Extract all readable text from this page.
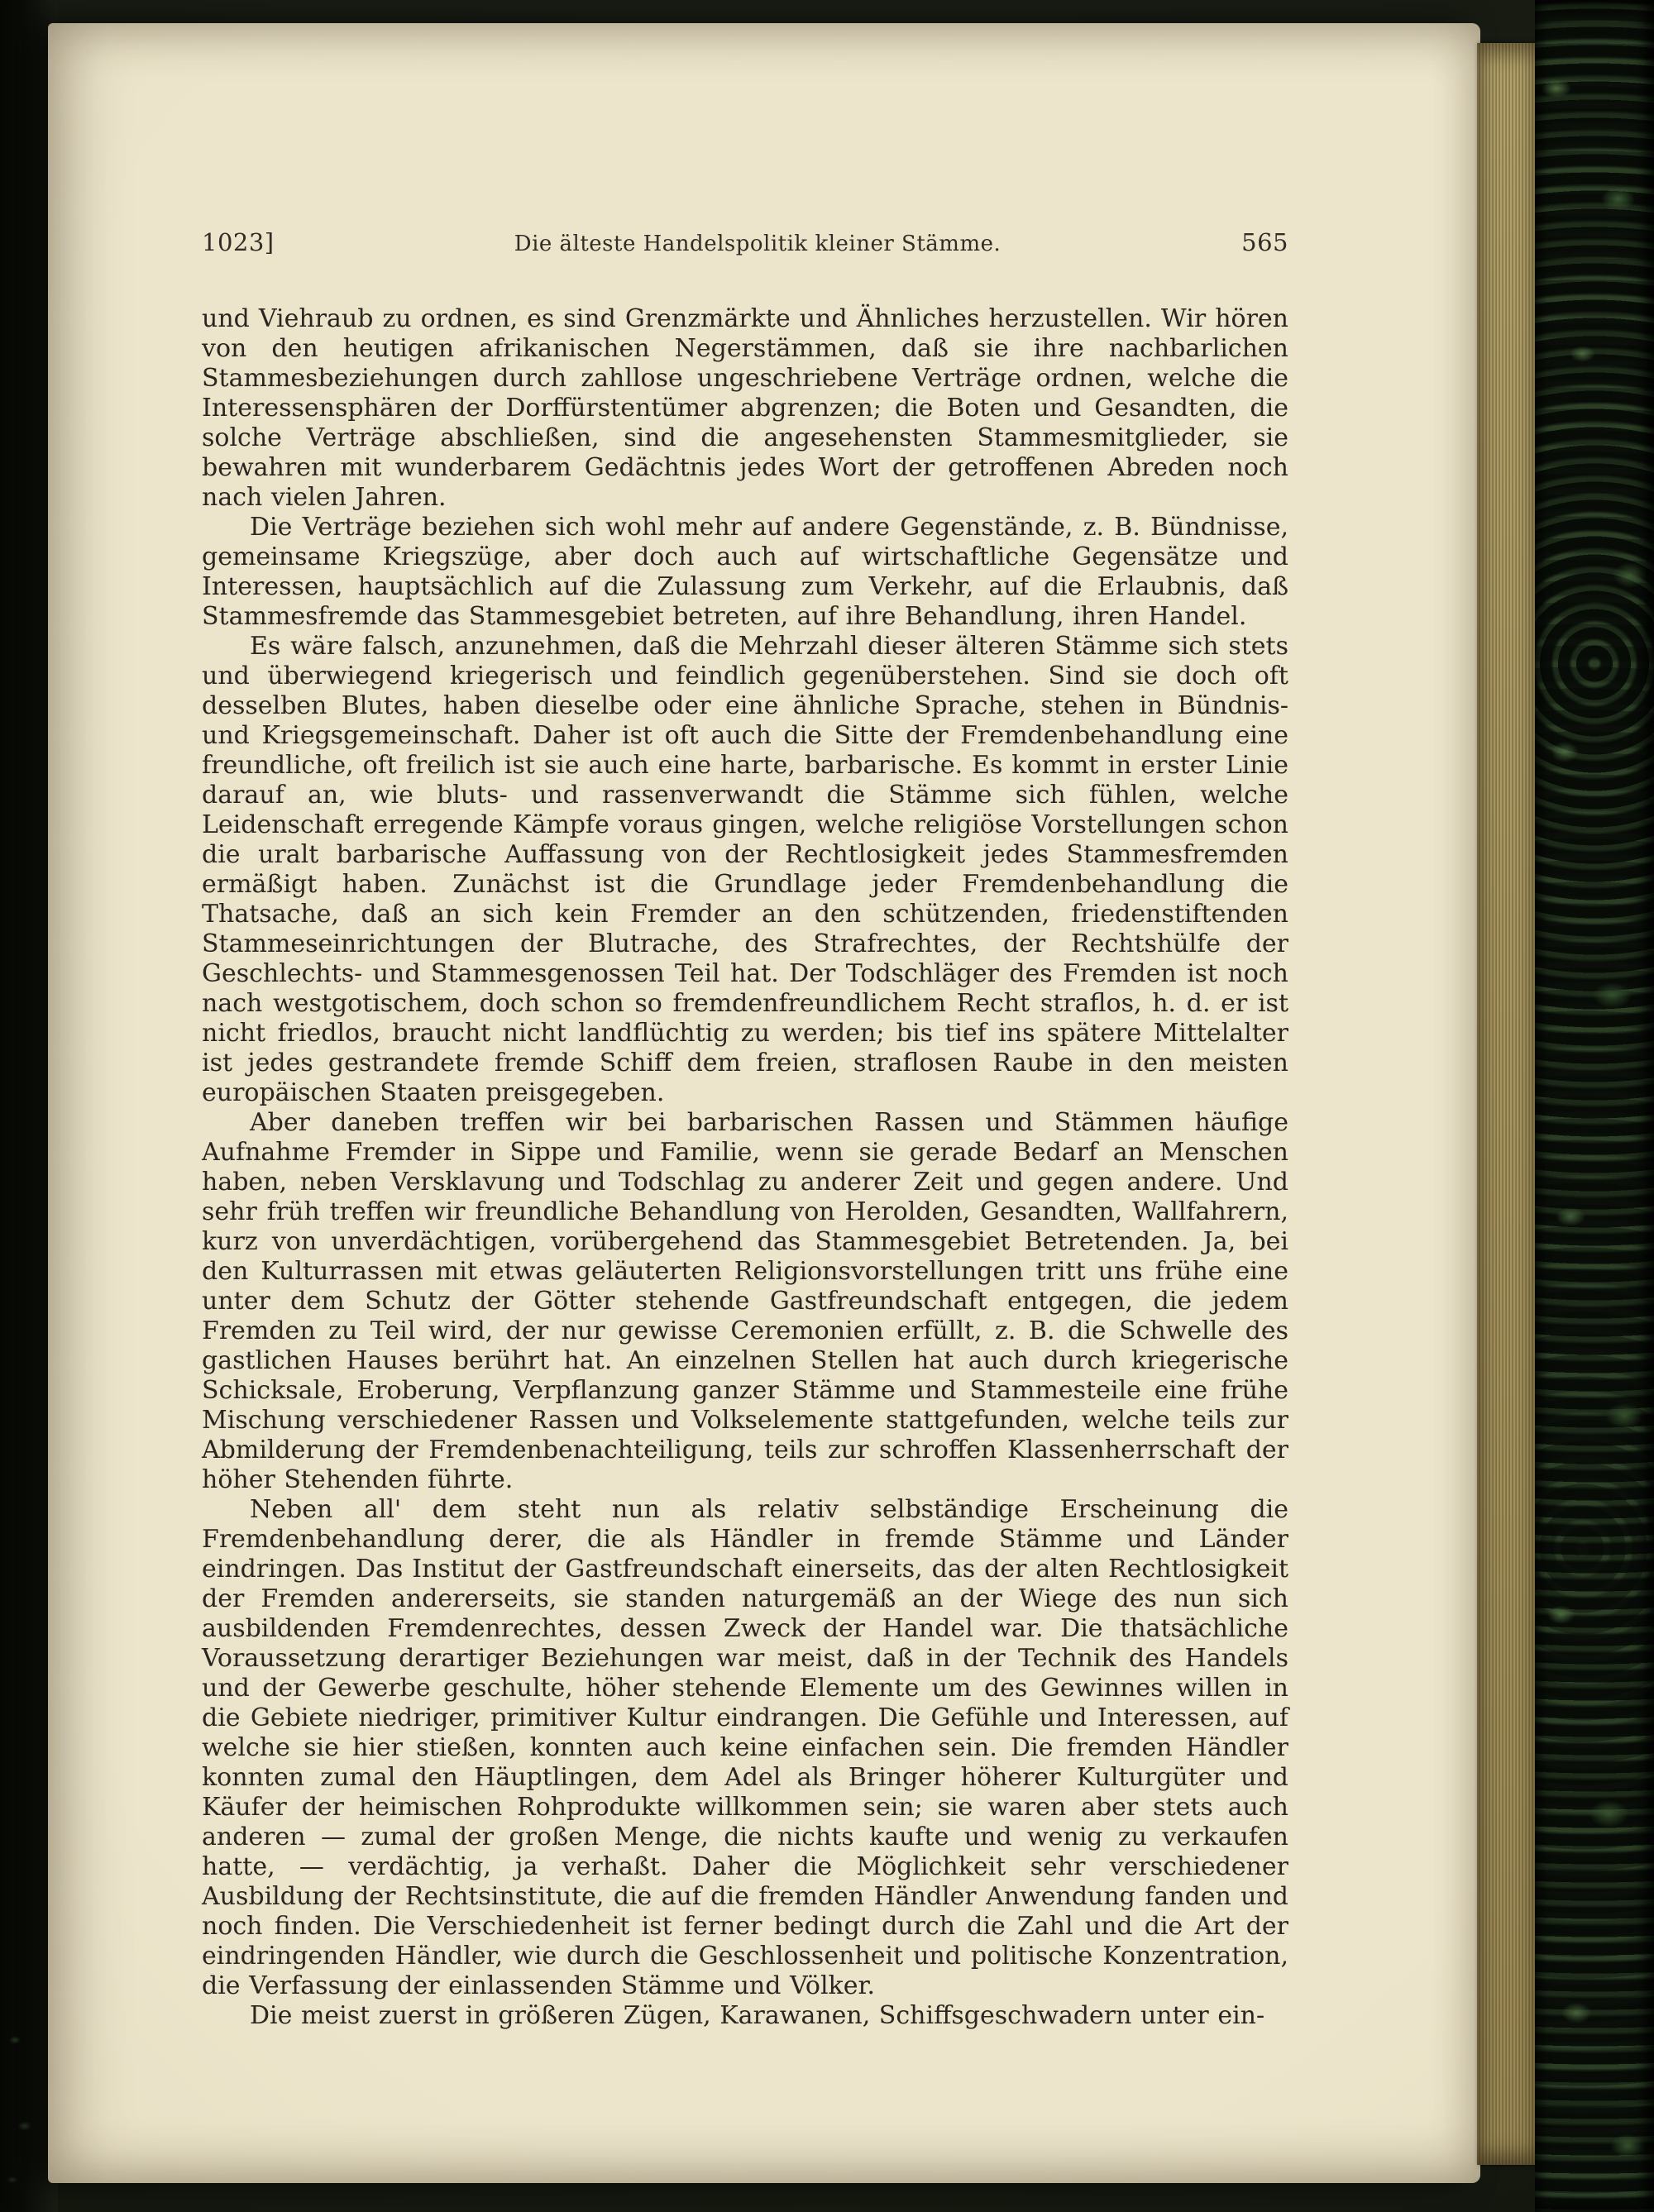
1023]	Die älteste Handelspolitik kleiner Stämme.	565

und Viehraub zu ordnen, es sind Grenzmärkte und Ähnliches herzustellen. Wir hören von den heutigen afrikanischen Negerstämmen, daß sie ihre nachbarlichen Stammesbeziehungen durch zahllose ungeschriebene Verträge ordnen, welche die Interessensphären der Dorffürstentümer abgrenzen; die Boten und Gesandten, die solche Verträge abschließen, sind die angesehensten Stammesmitglieder, sie bewahren mit wunderbarem Gedächtnis jedes Wort der getroffenen Abreden noch nach vielen Jahren.

Die Verträge beziehen sich wohl mehr auf andere Gegenstände, z. B. Bündnisse, gemeinsame Kriegszüge, aber doch auch auf wirtschaftliche Gegensätze und Interessen, hauptsächlich auf die Zulassung zum Verkehr, auf die Erlaubnis, daß Stammesfremde das Stammesgebiet betreten, auf ihre Behandlung, ihren Handel.

Es wäre falsch, anzunehmen, daß die Mehrzahl dieser älteren Stämme sich stets und überwiegend kriegerisch und feindlich gegenüberstehen. Sind sie doch oft desselben Blutes, haben dieselbe oder eine ähnliche Sprache, stehen in Bündnis- und Kriegsgemeinschaft. Daher ist oft auch die Sitte der Fremdenbehandlung eine freundliche, oft freilich ist sie auch eine harte, barbarische. Es kommt in erster Linie darauf an, wie bluts- und rassenverwandt die Stämme sich fühlen, welche Leidenschaft erregende Kämpfe voraus gingen, welche religiöse Vorstellungen schon die uralt barbarische Auffassung von der Rechtlosigkeit jedes Stammesfremden ermäßigt haben. Zunächst ist die Grundlage jeder Fremdenbehandlung die Thatsache, daß an sich kein Fremder an den schützenden, friedenstiftenden Stammeseinrichtungen der Blutrache, des Strafrechtes, der Rechtshülfe der Geschlechts- und Stammesgenossen Teil hat. Der Todschläger des Fremden ist noch nach westgotischem, doch schon so fremdenfreundlichem Recht straflos, h. d. er ist nicht friedlos, braucht nicht landflüchtig zu werden; bis tief ins spätere Mittelalter ist jedes gestrandete fremde Schiff dem freien, straflosen Raube in den meisten europäischen Staaten preisgegeben.

Aber daneben treffen wir bei barbarischen Rassen und Stämmen häufige Aufnahme Fremder in Sippe und Familie, wenn sie gerade Bedarf an Menschen haben, neben Versklavung und Todschlag zu anderer Zeit und gegen andere. Und sehr früh treffen wir freundliche Behandlung von Herolden, Gesandten, Wallfahrern, kurz von unverdächtigen, vorübergehend das Stammesgebiet Betretenden. Ja, bei den Kulturrassen mit etwas geläuterten Religionsvorstellungen tritt uns frühe eine unter dem Schutz der Götter stehende Gastfreundschaft entgegen, die jedem Fremden zu Teil wird, der nur gewisse Ceremonien erfüllt, z. B. die Schwelle des gastlichen Hauses berührt hat. An einzelnen Stellen hat auch durch kriegerische Schicksale, Eroberung, Verpflanzung ganzer Stämme und Stammesteile eine frühe Mischung verschiedener Rassen und Volkselemente stattgefunden, welche teils zur Abmilderung der Fremdenbenachteiligung, teils zur schroffen Klassenherrschaft der höher Stehenden führte.

Neben all' dem steht nun als relativ selbständige Erscheinung die Fremdenbehandlung derer, die als Händler in fremde Stämme und Länder eindringen. Das Institut der Gastfreundschaft einerseits, das der alten Rechtlosigkeit der Fremden andererseits, sie standen naturgemäß an der Wiege des nun sich ausbildenden Fremdenrechtes, dessen Zweck der Handel war. Die thatsächliche Voraussetzung derartiger Beziehungen war meist, daß in der Technik des Handels und der Gewerbe geschulte, höher stehende Elemente um des Gewinnes willen in die Gebiete niedriger, primitiver Kultur eindrangen. Die Gefühle und Interessen, auf welche sie hier stießen, konnten auch keine einfachen sein. Die fremden Händler konnten zumal den Häuptlingen, dem Adel als Bringer höherer Kulturgüter und Käufer der heimischen Rohprodukte willkommen sein; sie waren aber stets auch anderen — zumal der großen Menge, die nichts kaufte und wenig zu verkaufen hatte, — verdächtig, ja verhaßt. Daher die Möglichkeit sehr verschiedener Ausbildung der Rechtsinstitute, die auf die fremden Händler Anwendung fanden und noch finden. Die Verschiedenheit ist ferner bedingt durch die Zahl und die Art der eindringenden Händler, wie durch die Geschlossenheit und politische Konzentration, die Verfassung der einlassenden Stämme und Völker.

Die meist zuerst in größeren Zügen, Karawanen, Schiffsgeschwadern unter ein-
